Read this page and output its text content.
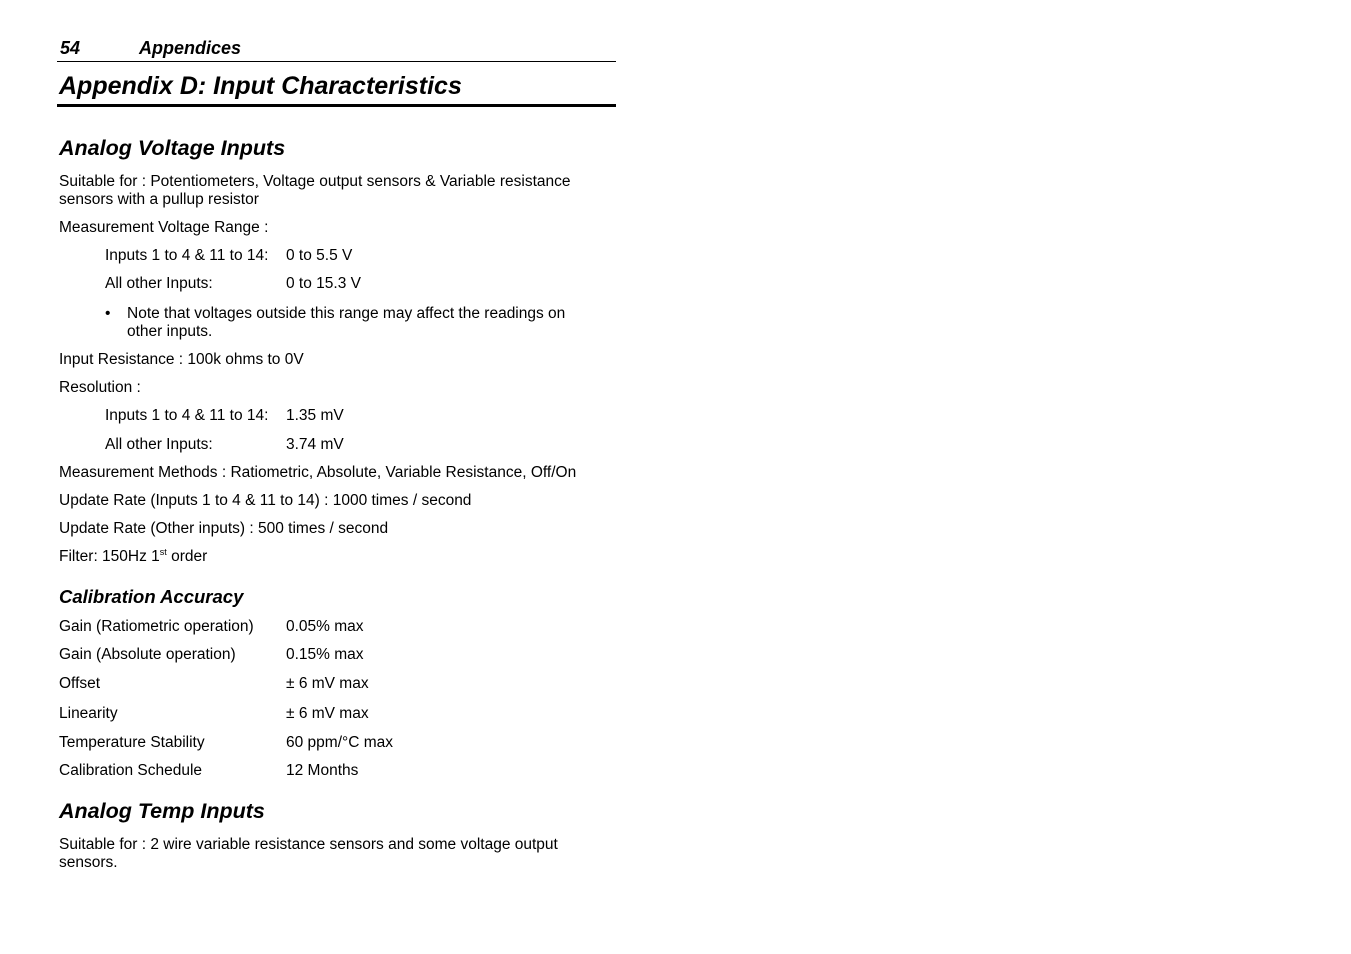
54	Appendices
Appendix D: Input Characteristics
Analog Voltage Inputs
Suitable for : Potentiometers, Voltage output sensors & Variable resistance sensors with a pullup resistor
Measurement Voltage Range :
Inputs 1 to 4 & 11 to 14: 0 to 5.5 V
All other Inputs:	0 to 15.3 V
• Note that voltages outside this range may affect the readings on other inputs.
Input Resistance : 100k ohms to 0V
Resolution :
Inputs 1 to 4 & 11 to 14: 1.35 mV
All other Inputs:	3.74 mV
Measurement Methods : Ratiometric, Absolute, Variable Resistance, Off/On
Update Rate (Inputs 1 to 4 & 11 to 14) : 1000 times / second
Update Rate (Other inputs) : 500 times / second
Filter: 150Hz 1st order
Calibration Accuracy
Gain (Ratiometric operation) 0.05% max
Gain (Absolute operation)	0.15% max
Offset	± 6 mV max
Linearity	± 6 mV max
Temperature Stability	60 ppm/°C max
Calibration Schedule	12 Months
Analog Temp Inputs
Suitable for : 2 wire variable resistance sensors and some voltage output sensors.
